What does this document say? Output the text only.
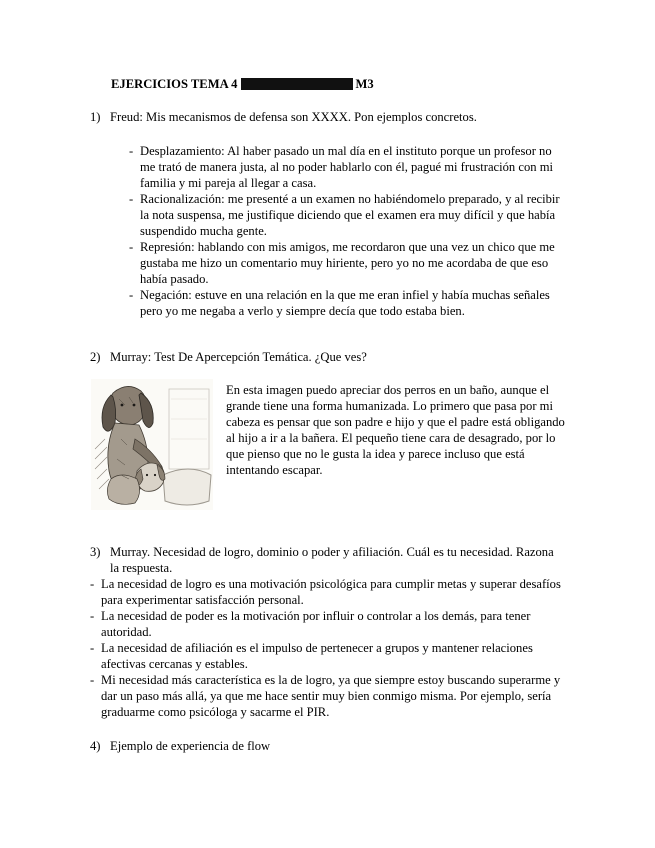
EJERCICIOS TEMA 4	M3
1) Freud: Mis mecanismos de defensa son XXXX. Pon ejemplos concretos.
- Desplazamiento: Al haber pasado un mal día en el instituto porque un profesor no me trató de manera justa, al no poder hablarlo con él, pagué mi frustración con mi familia y mi pareja al llegar a casa.
- Racionalización: me presenté a un examen no habiéndomelo preparado, y al recibir la nota suspensa, me justifique diciendo que el examen era muy difícil y que había suspendido mucha gente.
- Represión: hablando con mis amigos, me recordaron que una vez un chico que me gustaba me hizo un comentario muy hiriente, pero yo no me acordaba de que eso había pasado.
- Negación: estuve en una relación en la que me eran infiel y había muchas señales pero yo me negaba a verlo y siempre decía que todo estaba bien.
2) Murray: Test De Apercepción Temática. ¿Que ves?
En esta imagen puedo apreciar dos perros en un baño, aunque el grande tiene una forma humanizada. Lo primero que pasa por mi cabeza es pensar que son padre e hijo y que el padre está obligando al hijo a ir a la bañera. El pequeño tiene cara de desagrado, por lo que pienso que no le gusta la idea y parece incluso que está intentando escapar.
3) Murray. Necesidad de logro, dominio o poder y afiliación. Cuál es tu necesidad. Razona
la respuesta.
- La necesidad de logro es una motivación psicológica para cumplir metas y superar desafíos para experimentar satisfacción personal.
- La necesidad de poder es la motivación por influir o controlar a los demás, para tener autoridad.
- La necesidad de afiliación es el impulso de pertenecer a grupos y mantener relaciones afectivas cercanas y estables.
- Mi necesidad más característica es la de logro, ya que siempre estoy buscando superarme y dar un paso más allá, ya que me hace sentir muy bien conmigo misma. Por ejemplo, sería graduarme como psicóloga y sacarme el PIR.
4) Ejemplo de experiencia de flow
